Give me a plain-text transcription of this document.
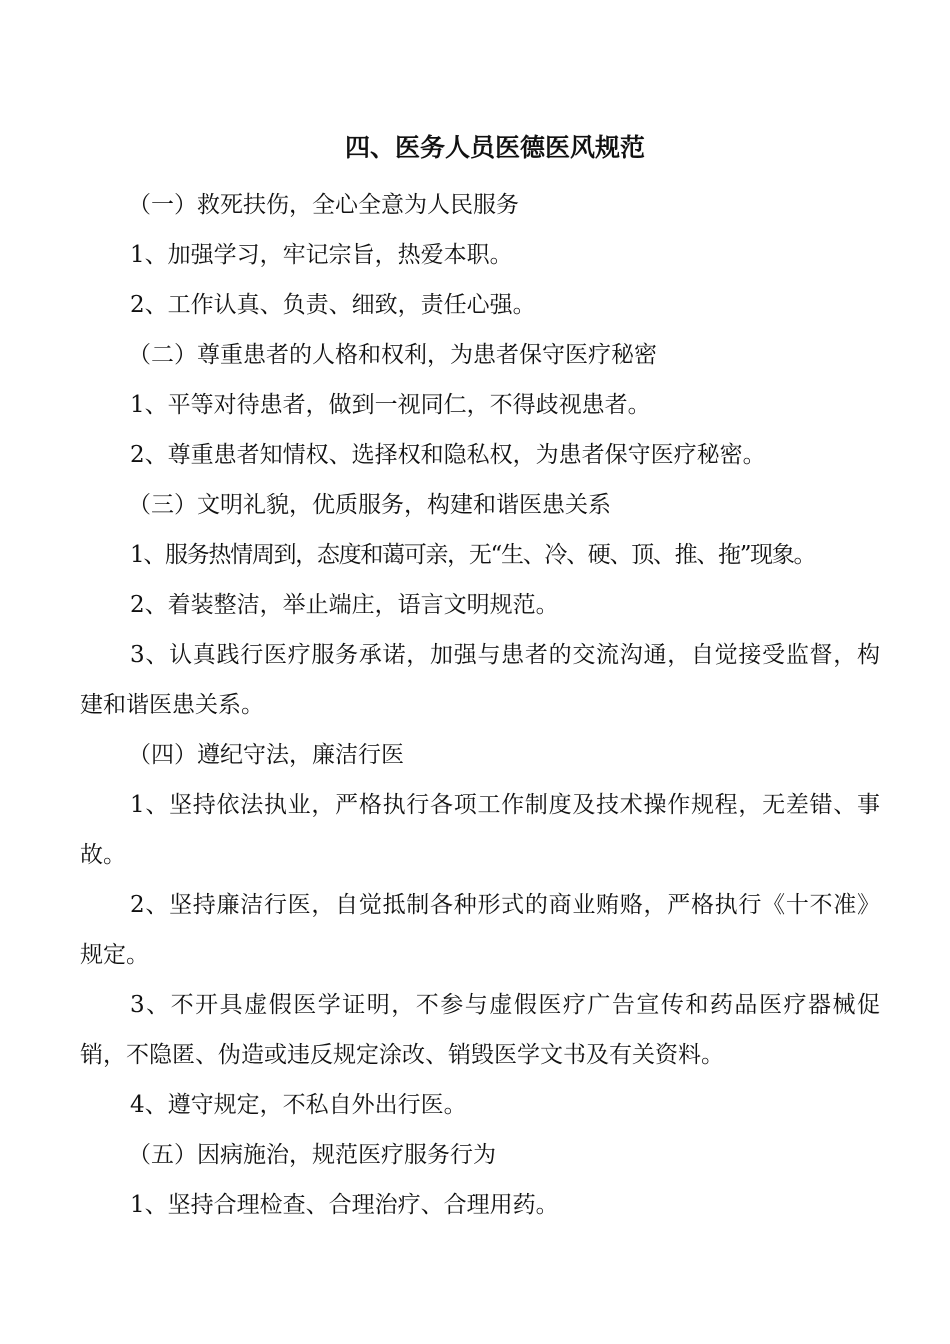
四、医务人员医德医风规范

（一）救死扶伤，全心全意为人民服务

1、加强学习，牢记宗旨，热爱本职。

2、工作认真、负责、细致，责任心强。

（二）尊重患者的人格和权利，为患者保守医疗秘密

1、平等对待患者，做到一视同仁，不得歧视患者。

2、尊重患者知情权、选择权和隐私权，为患者保守医疗秘密。

（三）文明礼貌，优质服务，构建和谐医患关系

1、服务热情周到，态度和蔼可亲，无“生、冷、硬、顶、推、拖”现象。

2、着装整洁，举止端庄，语言文明规范。

3、认真践行医疗服务承诺，加强与患者的交流沟通，自觉接受监督，构建和谐医患关系。

（四）遵纪守法，廉洁行医

1、坚持依法执业，严格执行各项工作制度及技术操作规程，无差错、事故。

2、坚持廉洁行医，自觉抵制各种形式的商业贿赂，严格执行《十不准》规定。

3、不开具虚假医学证明，不参与虚假医疗广告宣传和药品医疗器械促销，不隐匿、伪造或违反规定涂改、销毁医学文书及有关资料。

4、遵守规定，不私自外出行医。

（五）因病施治，规范医疗服务行为

1、坚持合理检查、合理治疗、合理用药。
